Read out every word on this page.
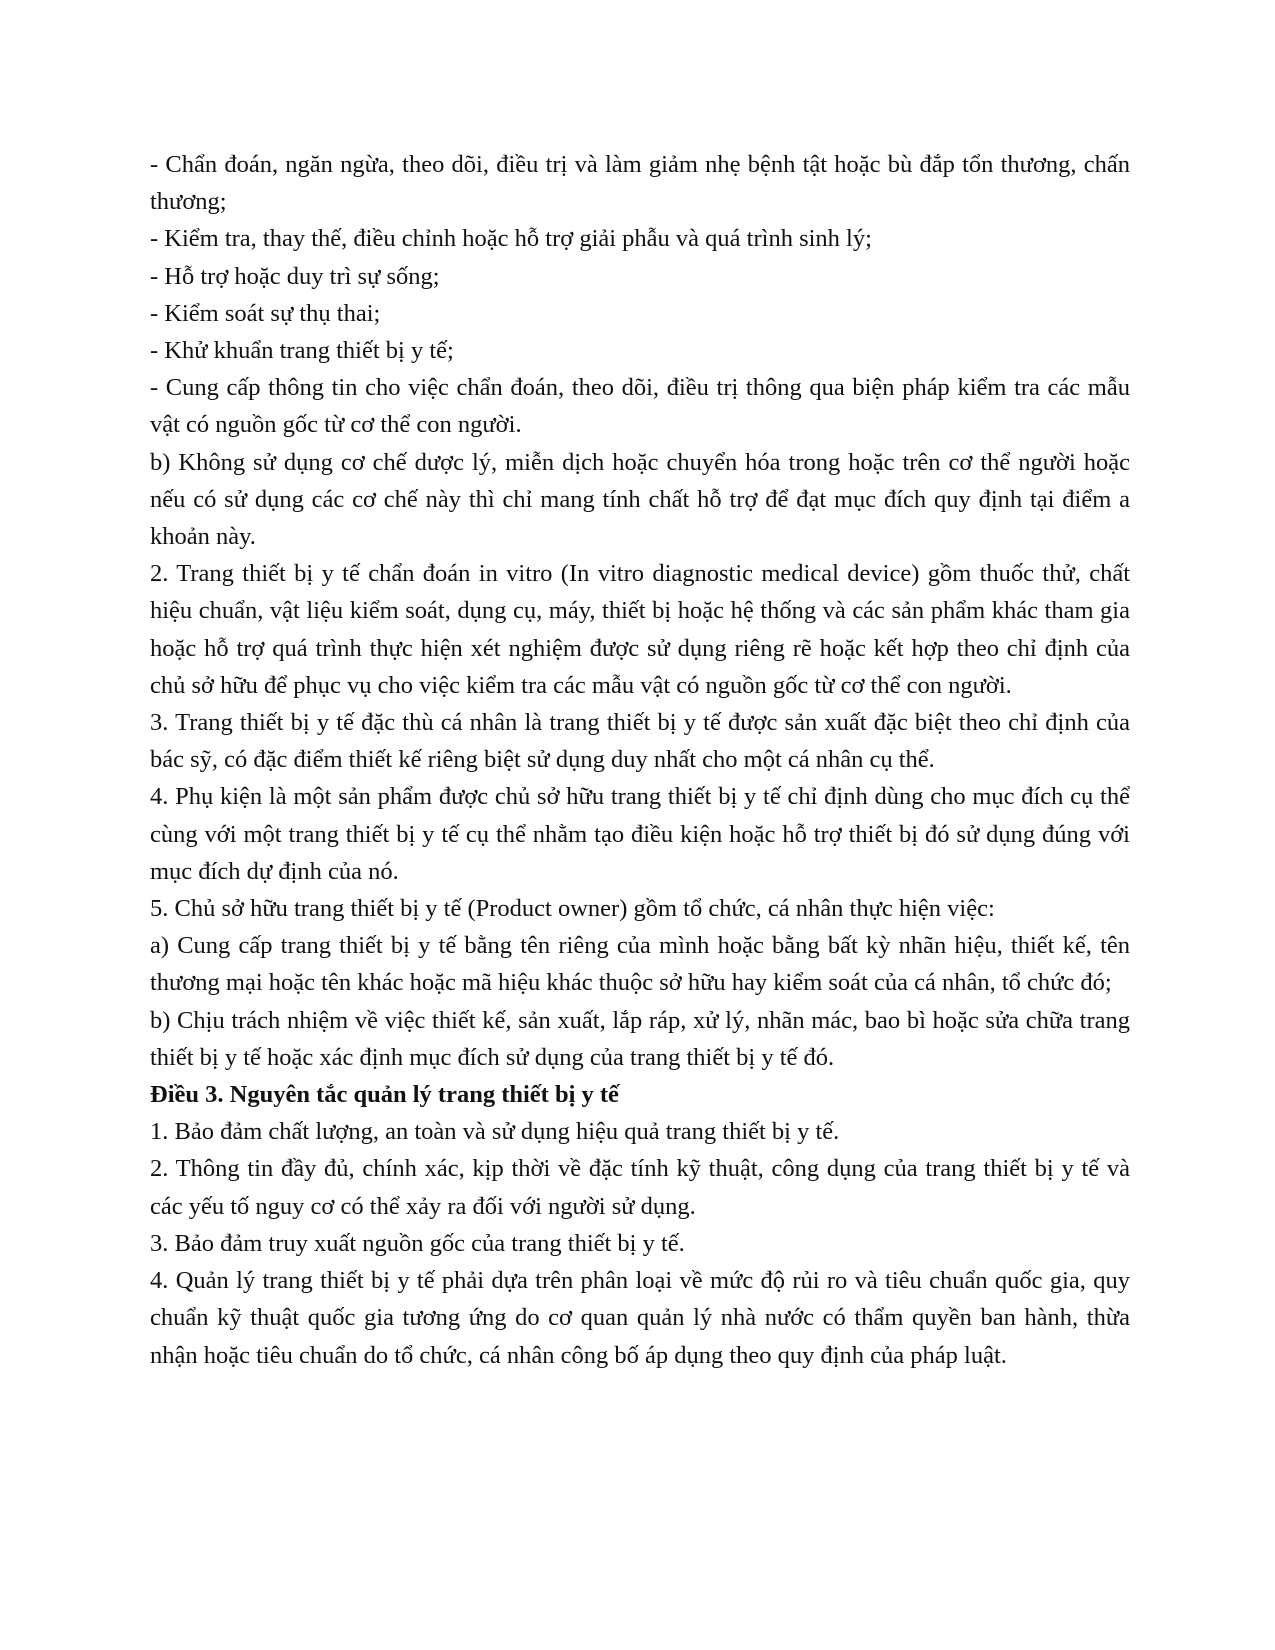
- Chẩn đoán, ngăn ngừa, theo dõi, điều trị và làm giảm nhẹ bệnh tật hoặc bù đắp tổn thương, chấn thương;

- Kiểm tra, thay thế, điều chỉnh hoặc hỗ trợ giải phẫu và quá trình sinh lý;

- Hỗ trợ hoặc duy trì sự sống;

- Kiểm soát sự thụ thai;

- Khử khuẩn trang thiết bị y tế;

- Cung cấp thông tin cho việc chẩn đoán, theo dõi, điều trị thông qua biện pháp kiểm tra các mẫu vật có nguồn gốc từ cơ thể con người.

b) Không sử dụng cơ chế dược lý, miễn dịch hoặc chuyển hóa trong hoặc trên cơ thể người hoặc nếu có sử dụng các cơ chế này thì chỉ mang tính chất hỗ trợ để đạt mục đích quy định tại điểm a khoản này.

2. Trang thiết bị y tế chẩn đoán in vitro (In vitro diagnostic medical device) gồm thuốc thử, chất hiệu chuẩn, vật liệu kiểm soát, dụng cụ, máy, thiết bị hoặc hệ thống và các sản phẩm khác tham gia hoặc hỗ trợ quá trình thực hiện xét nghiệm được sử dụng riêng rẽ hoặc kết hợp theo chỉ định của chủ sở hữu để phục vụ cho việc kiểm tra các mẫu vật có nguồn gốc từ cơ thể con người.

3. Trang thiết bị y tế đặc thù cá nhân là trang thiết bị y tế được sản xuất đặc biệt theo chỉ định của bác sỹ, có đặc điểm thiết kế riêng biệt sử dụng duy nhất cho một cá nhân cụ thể.

4. Phụ kiện là một sản phẩm được chủ sở hữu trang thiết bị y tế chỉ định dùng cho mục đích cụ thể cùng với một trang thiết bị y tế cụ thể nhằm tạo điều kiện hoặc hỗ trợ thiết bị đó sử dụng đúng với mục đích dự định của nó.

5. Chủ sở hữu trang thiết bị y tế (Product owner) gồm tổ chức, cá nhân thực hiện việc:

a) Cung cấp trang thiết bị y tế bằng tên riêng của mình hoặc bằng bất kỳ nhãn hiệu, thiết kế, tên thương mại hoặc tên khác hoặc mã hiệu khác thuộc sở hữu hay kiểm soát của cá nhân, tổ chức đó;

b) Chịu trách nhiệm về việc thiết kế, sản xuất, lắp ráp, xử lý, nhãn mác, bao bì hoặc sửa chữa trang thiết bị y tế hoặc xác định mục đích sử dụng của trang thiết bị y tế đó.

Điều 3. Nguyên tắc quản lý trang thiết bị y tế

1. Bảo đảm chất lượng, an toàn và sử dụng hiệu quả trang thiết bị y tế.

2. Thông tin đầy đủ, chính xác, kịp thời về đặc tính kỹ thuật, công dụng của trang thiết bị y tế và các yếu tố nguy cơ có thể xảy ra đối với người sử dụng.

3. Bảo đảm truy xuất nguồn gốc của trang thiết bị y tế.

4. Quản lý trang thiết bị y tế phải dựa trên phân loại về mức độ rủi ro và tiêu chuẩn quốc gia, quy chuẩn kỹ thuật quốc gia tương ứng do cơ quan quản lý nhà nước có thẩm quyền ban hành, thừa nhận hoặc tiêu chuẩn do tổ chức, cá nhân công bố áp dụng theo quy định của pháp luật.
